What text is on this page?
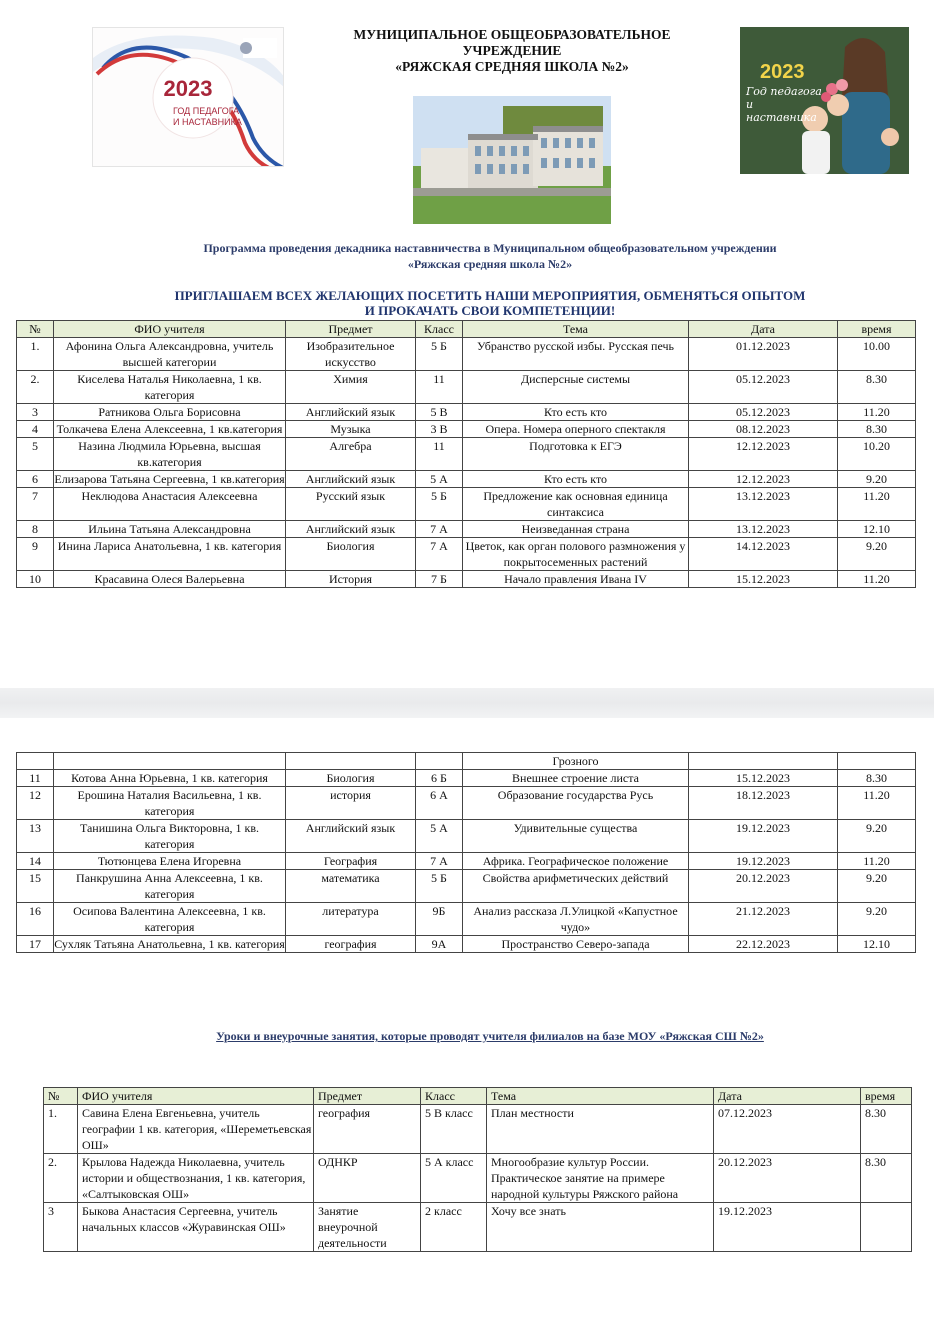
2023
ГОД ПЕДАГОГА
И НАСТАВНИКА
МУНИЦИПАЛЬНОЕ ОБЩЕОБРАЗОВАТЕЛЬНОЕ
УЧРЕЖДЕНИЕ
«РЯЖСКАЯ СРЕДНЯЯ ШКОЛА №2»	2023
Год педагога
и наставника
Программа проведения декадника наставничества в Муниципальном общеобразовательном учреждении
«Ряжская средняя школа №2»
ПРИГЛАШАЕМ ВСЕХ ЖЕЛАЮЩИХ ПОСЕТИТЬ НАШИ МЕРОПРИЯТИЯ, ОБМЕНЯТЬСЯ ОПЫТОМ
И ПРОКАЧАТЬ СВОИ КОМПЕТЕНЦИИ!
№	ФИО учителя	Предмет	Класс	Тема	Дата	время
1.	Афонина Ольга Александровна, учитель высшей категории	Изобразительное искусство	5 Б	Убранство русской избы. Русская печь	01.12.2023	10.00
2.	Киселева Наталья Николаевна, 1 кв. категория	Химия	11	Дисперсные системы	05.12.2023	8.30
3	Ратникова Ольга Борисовна	Английский язык	5 В	Кто есть кто	05.12.2023	11.20
4	Толкачева Елена Алексеевна, 1 кв.категория	Музыка	3 В	Опера. Номера оперного спектакля	08.12.2023	8.30
5	Назина Людмила Юрьевна, высшая кв.категория	Алгебра	11	Подготовка к ЕГЭ	12.12.2023	10.20
6	Елизарова Татьяна Сергеевна, 1 кв.категория	Английский язык	5 А	Кто есть кто	12.12.2023	9.20
7	Неклюдова Анастасия Алексеевна	Русский язык	5 Б	Предложение как основная единица синтаксиса	13.12.2023	11.20
8	Ильина Татьяна Александровна	Английский язык	7 А	Неизведанная страна	13.12.2023	12.10
9	Инина Лариса Анатольевна, 1 кв. категория	Биология	7 А	Цветок, как орган полового размножения у покрытосеменных растений	14.12.2023	9.20
10	Красавина Олеся Валерьевна	История	7 Б	Начало правления Ивана IV	15.12.2023	11.20
				Грозного		
11	Котова Анна Юрьевна, 1 кв. категория	Биология	6 Б	Внешнее строение листа	15.12.2023	8.30
12	Ерошина Наталия Васильевна, 1 кв. категория	история	6 А	Образование государства Русь	18.12.2023	11.20
13	Танишина Ольга Викторовна, 1 кв. категория	Английский язык	5 А	Удивительные существа	19.12.2023	9.20
14	Тютюнцева Елена Игоревна	География	7 А	Африка. Географическое положение	19.12.2023	11.20
15	Панкрушина Анна Алексеевна, 1 кв. категория	математика	5 Б	Свойства арифметических действий	20.12.2023	9.20
16	Осипова Валентина Алексеевна, 1 кв. категория	литература	9Б	Анализ рассказа Л.Улицкой «Капустное чудо»	21.12.2023	9.20
17	Сухляк Татьяна Анатольевна, 1 кв. категория	география	9А	Пространство Северо-запада	22.12.2023	12.10
Уроки и внеурочные занятия, которые проводят учителя филиалов на базе МОУ «Ряжская СШ №2»
№	ФИО учителя	Предмет	Класс	Тема	Дата	время
1.	Савина Елена Евгеньевна, учитель географии 1 кв. категория, «Шереметьевская ОШ»	география	5 В класс	План местности	07.12.2023	8.30
2.	Крылова Надежда Николаевна, учитель истории и обществознания, 1 кв. категория, «Салтыковская ОШ»	ОДНКР	5 А класс	Многообразие культур России. Практическое занятие на примере народной культуры Ряжского района	20.12.2023	8.30
3	Быкова Анастасия Сергеевна, учитель начальных классов «Журавинская ОШ»	Занятие внеурочной деятельности	2 класс	Хочу все знать	19.12.2023	
